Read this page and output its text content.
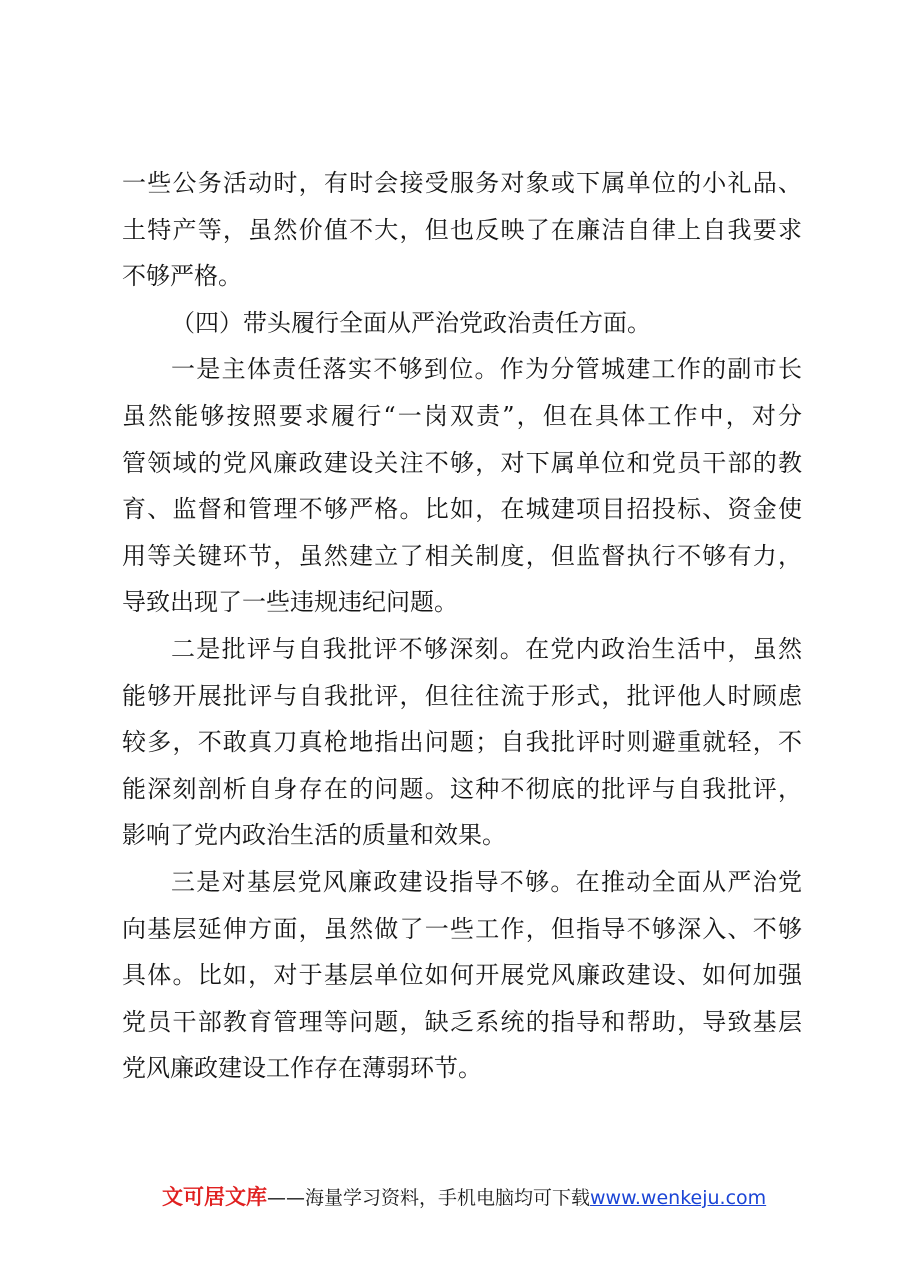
一些公务活动时，有时会接受服务对象或下属单位的小礼品、
土特产等，虽然价值不大，但也反映了在廉洁自律上自我要求
不够严格。
（四）带头履行全面从严治党政治责任方面。
一是主体责任落实不够到位。作为分管城建工作的副市长
虽然能够按照要求履行“一岗双责”，但在具体工作中，对分
管领域的党风廉政建设关注不够，对下属单位和党员干部的教
育、监督和管理不够严格。比如，在城建项目招投标、资金使
用等关键环节，虽然建立了相关制度，但监督执行不够有力，
导致出现了一些违规违纪问题。
二是批评与自我批评不够深刻。在党内政治生活中，虽然
能够开展批评与自我批评，但往往流于形式，批评他人时顾虑
较多，不敢真刀真枪地指出问题；自我批评时则避重就轻，不
能深刻剖析自身存在的问题。这种不彻底的批评与自我批评，
影响了党内政治生活的质量和效果。
三是对基层党风廉政建设指导不够。在推动全面从严治党
向基层延伸方面，虽然做了一些工作，但指导不够深入、不够
具体。比如，对于基层单位如何开展党风廉政建设、如何加强
党员干部教育管理等问题，缺乏系统的指导和帮助，导致基层
党风廉政建设工作存在薄弱环节。
文可居文库——海量学习资料，手机电脑均可下载www.wenkeju.com
